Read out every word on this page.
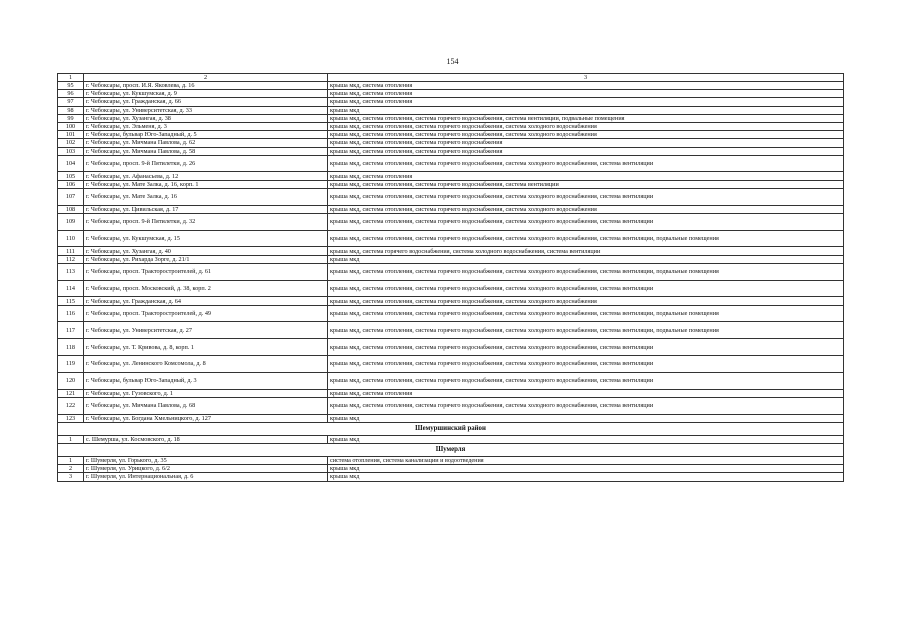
154
1	2	3
95	г. Чебоксары, просп. И.Я. Яковлева, д. 16	крыша мкд, система отопления
96	г. Чебоксары, ул. Кукшумская, д. 9	крыша мкд, система отопления
97	г. Чебоксары, ул. Гражданская, д. 66	крыша мкд, система отопления
98	г. Чебоксары, ул. Университетская, д. 33	крыша мкд
99	г. Чебоксары, ул. Хузангая, д. 38	крыша мкд, система отопления, система горячего водоснабжения, система вентиляции, подвальные помещения
100	г. Чебоксары, ул. Эльменя, д. 3	крыша мкд, система отопления, система горячего водоснабжения, система холодного водоснабжения
101	г. Чебоксары, бульвар Юго-Западный, д. 5	крыша мкд, система отопления, система горячего водоснабжения, система холодного водоснабжения
102	г. Чебоксары, ул. Мичмана Павлова, д. 62	крыша мкд, система отопления, система горячего водоснабжения
103	г. Чебоксары, ул. Мичмана Павлова, д. 58	крыша мкд, система отопления, система горячего водоснабжения
104	г. Чебоксары, просп. 9-й Пятилетки, д. 26	крыша мкд, система отопления, система горячего водоснабжения, система холодного водоснабжения, система вентиляции
105	г. Чебоксары, ул. Афанасьева, д. 12	крыша мкд, система отопления
106	г. Чебоксары, ул. Мате Залка, д. 16, корп. 1	крыша мкд, система отопления, система горячего водоснабжения, система вентиляции
107	г. Чебоксары, ул. Мате Залка, д. 16	крыша мкд, система отопления, система горячего водоснабжения, система холодного водоснабжения, система вентиляции
108	г. Чебоксары, ул. Цивильская, д. 17	крыша мкд, система отопления, система горячего водоснабжения, система холодного водоснабжения
109	г. Чебоксары, просп. 9-й Пятилетки, д. 32	крыша мкд, система отопления, система горячего водоснабжения, система холодного водоснабжения, система вентиляции
110	г. Чебоксары, ул. Кукшумская, д. 15	крыша мкд, система отопления, система горячего водоснабжения, система холодного водоснабжения, система вентиляции, подвальные помещения
111	г. Чебоксары, ул. Хузангая, д. 40	крыша мкд, система горячего водоснабжения, система холодного водоснабжения, система вентиляции
112	г. Чебоксары, ул. Рихарда Зорге, д. 21/1	крыша мкд
113	г. Чебоксары, просп. Тракторостроителей, д. 61	крыша мкд, система отопления, система горячего водоснабжения, система холодного водоснабжения, система вентиляции, подвальные помещения
114	г. Чебоксары, просп. Московский, д. 38, корп. 2	крыша мкд, система отопления, система горячего водоснабжения, система холодного водоснабжения, система вентиляции
115	г. Чебоксары, ул. Гражданская, д. 64	крыша мкд, система отопления, система горячего водоснабжения, система холодного водоснабжения
116	г. Чебоксары, просп. Тракторостроителей, д. 49	крыша мкд, система отопления, система горячего водоснабжения, система холодного водоснабжения, система вентиляции, подвальные помещения
117	г. Чебоксары, ул. Университетская, д. 27	крыша мкд, система отопления, система горячего водоснабжения, система холодного водоснабжения, система вентиляции, подвальные помещения
118	г. Чебоксары, ул. Т. Кривова, д. 8, корп. 1	крыша мкд, система отопления, система горячего водоснабжения, система холодного водоснабжения, система вентиляции
119	г. Чебоксары, ул. Ленинского Комсомола, д. 8	крыша мкд, система отопления, система горячего водоснабжения, система холодного водоснабжения, система вентиляции
120	г. Чебоксары, бульвар Юго-Западный, д. 3	крыша мкд, система отопления, система горячего водоснабжения, система холодного водоснабжения, система вентиляции
121	г. Чебоксары, ул. Гузовского, д. 1	крыша мкд, система отопления
122	г. Чебоксары, ул. Мичмана Павлова, д. 68	крыша мкд, система отопления, система горячего водоснабжения, система холодного водоснабжения, система вентиляции
123	г. Чебоксары, ул. Богдана Хмельницкого, д. 127	крыша мкд
Шемуршинский район		
1	с. Шемурша, ул. Космовского, д. 18	крыша мкд
Шумерля		
1	г. Шумерля, ул. Горького, д. 35	система отопления, система канализации и водоотведения
2	г. Шумерля, ул. Урицкого, д. 6/2	крыша мкд
3	г. Шумерля, ул. Интернациональная, д. 6	крыша мкд
